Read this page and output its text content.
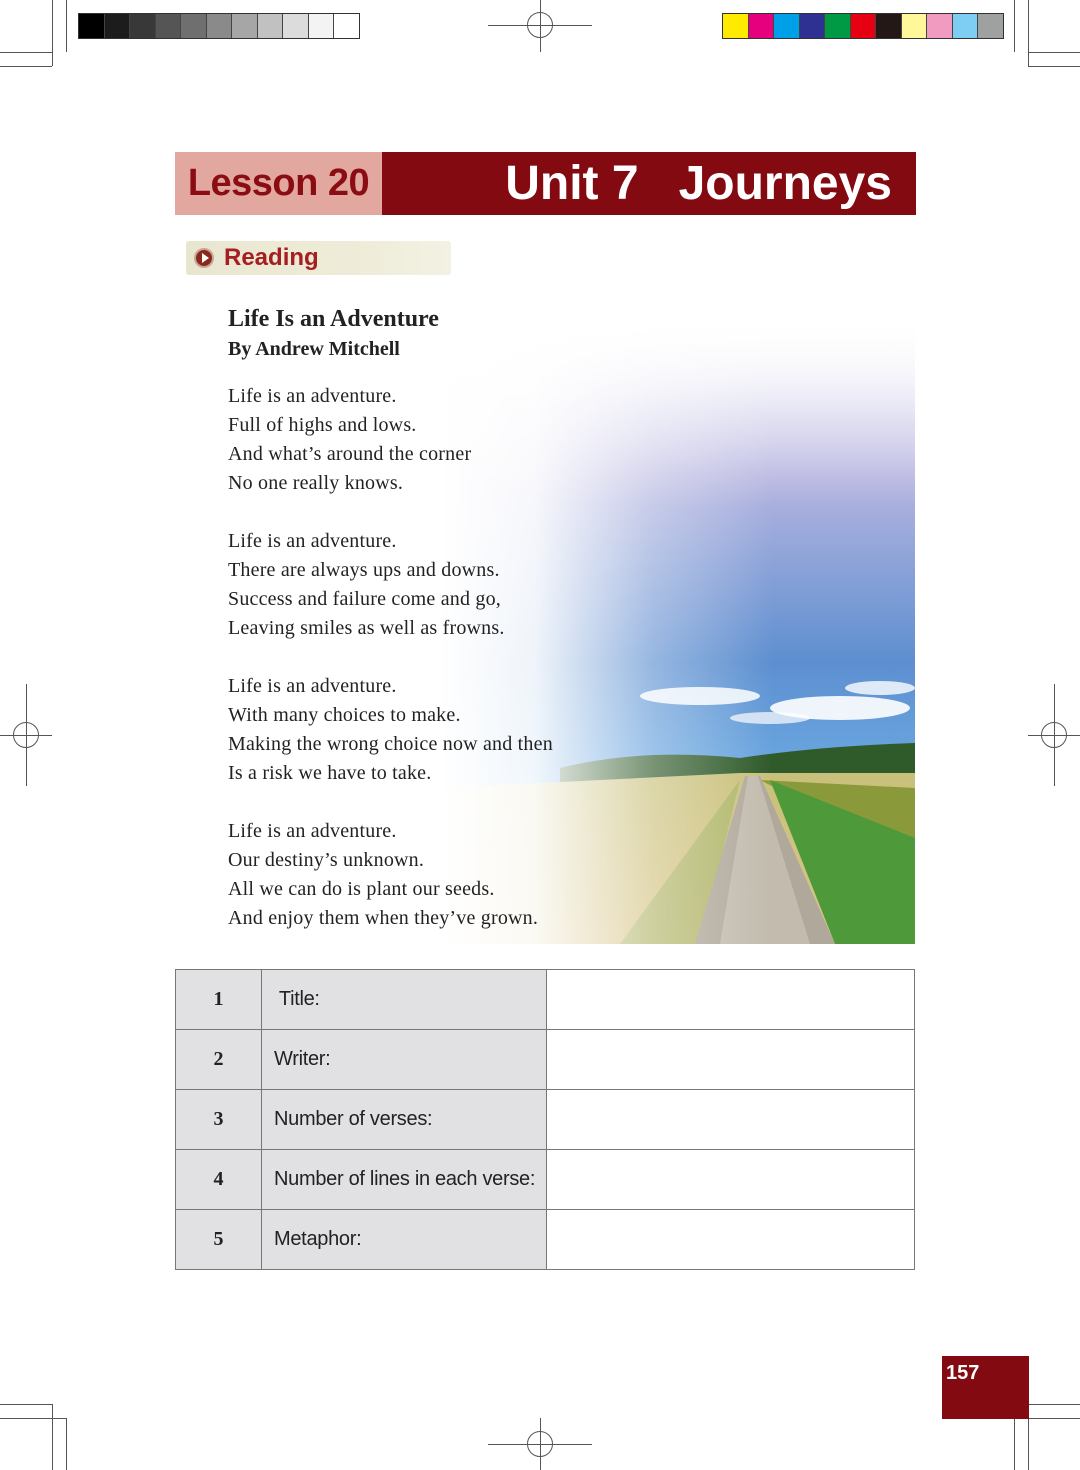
Lesson 20	Unit 7   Journeys
Reading
Life Is an Adventure
By Andrew Mitchell
Life is an adventure.
Full of highs and lows.
And what’s around the corner
No one really knows.
Life is an adventure.
There are always ups and downs.
Success and failure come and go,
Leaving smiles as well as frowns.
Life is an adventure.
With many choices to make.
Making the wrong choice now and then
Is a risk we have to take.
Life is an adventure.
Our destiny’s unknown.
All we can do is plant our seeds.
And enjoy them when they’ve grown.
1	Title:	
2	Writer:	
3	Number of verses:	
4	Number of lines in each verse:	
5	Metaphor:	
157
